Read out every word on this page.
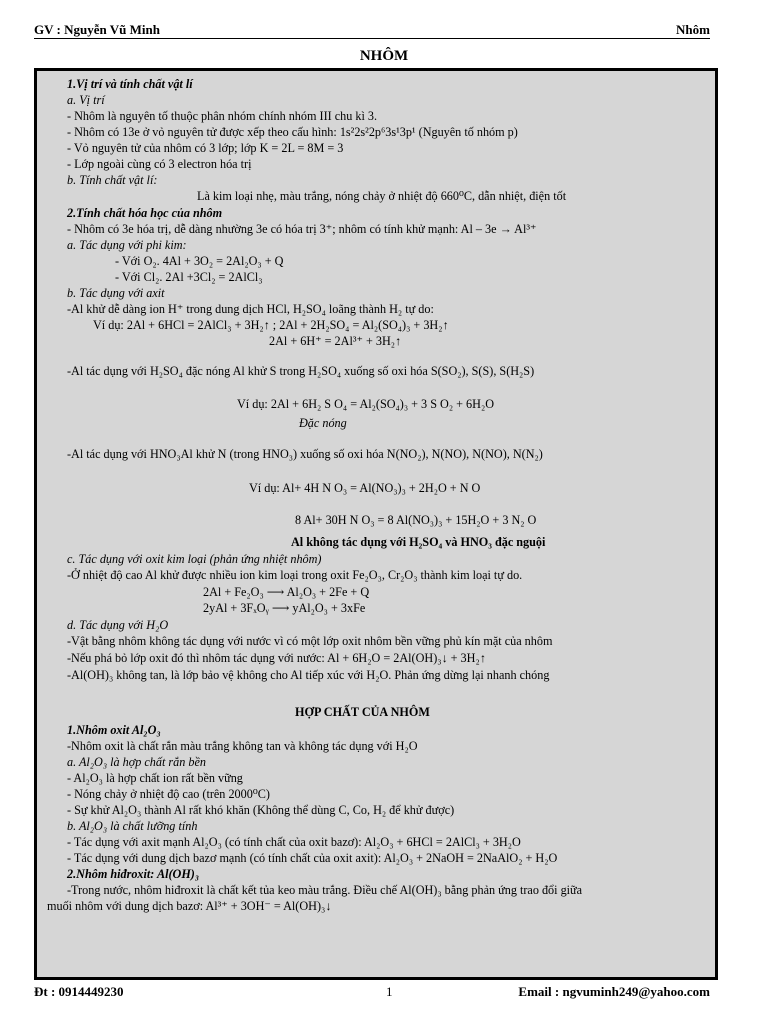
GV : Nguyễn Vũ Minh	Nhôm
NHÔM
1.Vị trí và tính chất vật lí
a. Vị trí
- Nhôm là nguyên tố thuộc phân nhóm chính nhóm III chu kì 3.
- Nhôm có 13e ở vỏ nguyên tử được xếp theo cấu hình: 1s²2s²2p⁶3s¹3p¹ (Nguyên tố nhóm p)
- Vỏ nguyên tử của nhôm có 3 lớp; lớp K = 2L = 8M = 3
- Lớp ngoài cùng có 3 electron hóa trị
b. Tính chất vật lí:
Là kim loại nhẹ, màu trắng, nóng chảy ở nhiệt độ 660⁰C, dẫn nhiệt, điện tốt
2.Tính chất hóa học của nhôm
- Nhôm có 3e hóa trị, dễ dàng nhường 3e có hóa trị 3⁺; nhôm có tính khử mạnh: Al – 3e → Al³⁺
a. Tác dụng với phi kim:
- Với O₂. 4Al + 3O₂ = 2Al₂O₃ + Q
- Với Cl₂. 2Al +3Cl₂ = 2AlCl₃
b. Tác dụng với axit
-Al khử dễ dàng ion H⁺ trong dung dịch HCl, H₂SO₄ loãng thành H₂ tự do:
Ví dụ: 2Al + 6HCl = 2AlCl₃ + 3H₂↑ ; 2Al + 2H₂SO₄ = Al₂(SO₄)₃ + 3H₂↑
2Al + 6H⁺ = 2Al³⁺ + 3H₂↑
-Al tác dụng với H₂SO₄ đặc nóng Al khử S trong H₂SO₄ xuống số oxi hóa S(SO₂), S(S), S(H₂S)
Ví dụ: 2Al + 6H₂ S O₄ = Al₂(SO₄)₃ + 3 S O₂ + 6H₂O
Đặc nóng
-Al tác dụng với HNO₃Al khử N (trong HNO₃) xuống số oxi hóa N(NO₂), N(NO), N(NO), N(N₂)
Ví dụ: Al+ 4H N O₃ = Al(NO₃)₃ + 2H₂O + N O
8 Al+ 30H N O₃ = 8 Al(NO₃)₃ + 15H₂O + 3 N₂ O
Al không tác dụng với H₂SO₄ và HNO₃ đặc nguội
c. Tác dụng với oxit kim loại (phản ứng nhiệt nhôm)
-Ở nhiệt độ cao Al khử được nhiều ion kim loại trong oxit Fe₂O₃, Cr₂O₃ thành kim loại tự do.
2Al + Fe₂O₃ ⟶ Al₂O₃ + 2Fe + Q
2yAl + 3FₓOᵧ ⟶ yAl₂O₃ + 3xFe
d. Tác dụng với H₂O
-Vật bằng nhôm không tác dụng với nước vì có một lớp oxit nhôm bền vững phủ kín mặt của nhôm
-Nếu phá bỏ lớp oxit đó thì nhôm tác dụng với nước: Al + 6H₂O = 2Al(OH)₃↓ + 3H₂↑
-Al(OH)₃ không tan, là lớp bảo vệ không cho Al tiếp xúc với H₂O. Phản ứng dừng lại nhanh chóng
HỢP CHẤT CỦA NHÔM
1.Nhôm oxit Al₂O₃
-Nhôm oxit là chất rắn màu trắng không tan và không tác dụng với H₂O
a. Al₂O₃ là hợp chất rắn bền
- Al₂O₃ là hợp chất ion rất bền vững
- Nóng chảy ở nhiệt độ cao (trên 2000⁰C)
- Sự khử Al₂O₃ thành Al rất khó khăn (Không thể dùng C, Co, H₂ để khử được)
b. Al₂O₃ là chất lưỡng tính
- Tác dụng với axit mạnh Al₂O₃ (có tính chất của oxit bazơ): Al₂O₃ + 6HCl = 2AlCl₃ + 3H₂O
- Tác dụng với dung dịch bazơ mạnh (có tính chất của oxit axit): Al₂O₃ + 2NaOH = 2NaAlO₂ + H₂O
2.Nhôm hiđroxit: Al(OH)₃
-Trong nước, nhôm hiđroxit là chất kết tủa keo màu trắng. Điều chế Al(OH)₃ bằng phản ứng trao đổi giữa
muối nhôm với dung dịch bazơ: Al³⁺ + 3OH⁻ = Al(OH)₃↓
Đt : 0914449230	1	Email : ngvuminh249@yahoo.com
